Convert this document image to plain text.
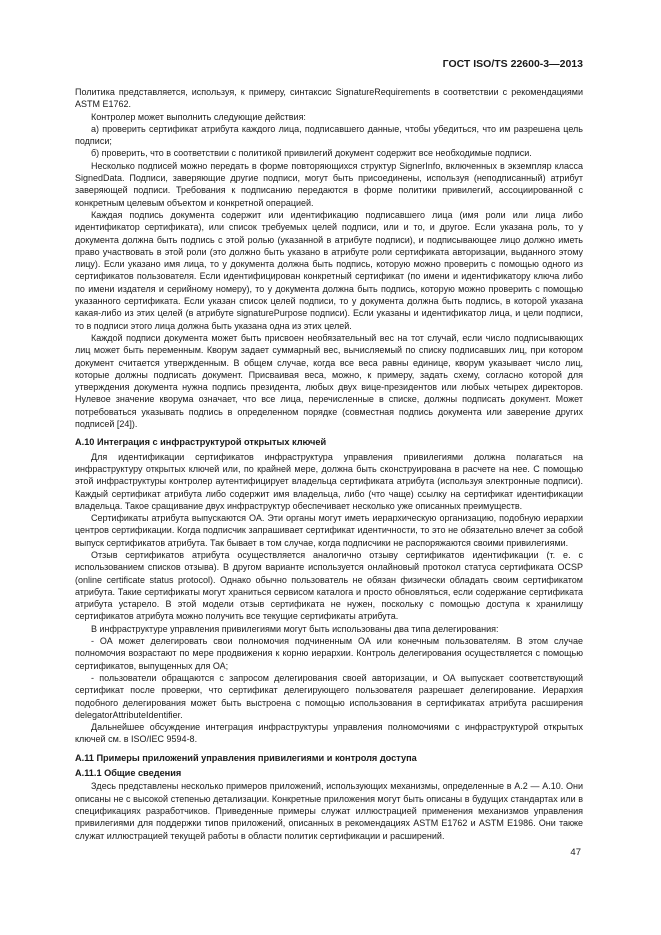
ГОСТ ISO/TS 22600-3—2013

Политика представляется, используя, к примеру, синтаксис SignatureRequirements в соответствии с рекомендациями ASTM E1762.

Контролер может выполнить следующие действия:

а) проверить сертификат атрибута каждого лица, подписавшего данные, чтобы убедиться, что им разрешена цель подписи;

б) проверить, что в соответствии с политикой привилегий документ содержит все необходимые подписи.

Несколько подписей можно передать в форме повторяющихся структур SignerInfo, включенных в экземпляр класса SignedData. Подписи, заверяющие другие подписи, могут быть присоединены, используя (неподписанный) атрибут заверяющей подписи. Требования к подписанию передаются в форме политики привилегий, ассоциированной с конкретным целевым объектом и конкретной операцией.

Каждая подпись документа содержит или идентификацию подписавшего лица (имя роли или лица либо идентификатор сертификата), или список требуемых целей подписи, или и то, и другое. Если указана роль, то у документа должна быть подпись с этой ролью (указанной в атрибуте подписи), и подписывающее лицо должно иметь право участвовать в этой роли (это должно быть указано в атрибуте роли сертификата авторизации, выданного этому лицу). Если указано имя лица, то у документа должна быть подпись, которую можно проверить с помощью одного из сертификатов пользователя. Если идентифицирован конкретный сертификат (по имени и идентификатору ключа либо по имени издателя и серийному номеру), то у документа должна быть подпись, которую можно проверить с помощью указанного сертификата. Если указан список целей подписи, то у документа должна быть подпись, в которой указана какая-либо из этих целей (в атрибуте signaturePurpose подписи). Если указаны и идентификатор лица, и цели подписи, то в подписи этого лица должна быть указана одна из этих целей.

Каждой подписи документа может быть присвоен необязательный вес на тот случай, если число подписывающих лиц может быть переменным. Кворум задает суммарный вес, вычисляемый по списку подписавших лиц, при котором документ считается утвержденным. В общем случае, когда все веса равны единице, кворум указывает число лиц, которые должны подписать документ. Присваивая веса, можно, к примеру, задать схему, согласно которой для утверждения документа нужна подпись президента, любых двух вице-президентов или любых четырех директоров. Нулевое значение кворума означает, что все лица, перечисленные в списке, должны подписать документ. Может потребоваться указывать подпись в определенном порядке (совместная подпись документа или заверение других подписей [24]).

А.10 Интеграция с инфраструктурой открытых ключей

Для идентификации сертификатов инфраструктура управления привилегиями должна полагаться на инфраструктуру открытых ключей или, по крайней мере, должна быть сконструирована в расчете на нее. С помощью этой инфраструктуры контролер аутентифицирует владельца сертификата атрибута (используя электронные подписи). Каждый сертификат атрибута либо содержит имя владельца, либо (что чаще) ссылку на сертификат идентификации владельца. Такое сращивание двух инфраструктур обеспечивает несколько уже описанных преимуществ.

Сертификаты атрибута выпускаются ОА. Эти органы могут иметь иерархическую организацию, подобную иерархии центров сертификации. Когда подписчик запрашивает сертификат идентичности, то это не обязательно влечет за собой выпуск сертификатов атрибута. Так бывает в том случае, когда подписчики не распоряжаются своими привилегиями.

Отзыв сертификатов атрибута осуществляется аналогично отзыву сертификатов идентификации (т. е. с использованием списков отзыва). В другом варианте используется онлайновый протокол статуса сертификата OCSP (online certificate status protocol). Однако обычно пользователь не обязан физически обладать своим сертификатом атрибута. Такие сертификаты могут храниться сервисом каталога и просто обновляться, если содержание сертификата атрибута устарело. В этой модели отзыв сертификата не нужен, поскольку с помощью доступа к хранилищу сертификатов атрибута можно получить все текущие сертификаты атрибута.

В инфраструктуре управления привилегиями могут быть использованы два типа делегирования:

- ОА может делегировать свои полномочия подчиненным ОА или конечным пользователям. В этом случае полномочия возрастают по мере продвижения к корню иерархии. Контроль делегирования осуществляется с помощью сертификатов, выпущенных для ОА;

- пользователи обращаются с запросом делегирования своей авторизации, и ОА выпускает соответствующий сертификат после проверки, что сертификат делегирующего пользователя разрешает делегирование. Иерархия подобного делегирования может быть выстроена с помощью использования в сертификатах атрибута расширения delegatorAttributeIdentifier.

Дальнейшее обсуждение интеграция инфраструктуры управления полномочиями с инфраструктурой открытых ключей см. в ISO/IEC 9594-8.

А.11 Примеры приложений управления привилегиями и контроля доступа

А.11.1 Общие сведения

Здесь представлены несколько примеров приложений, использующих механизмы, определенные в А.2 — А.10. Они описаны не с высокой степенью детализации. Конкретные приложения могут быть описаны в будущих стандартах или в спецификациях разработчиков. Приведенные примеры служат иллюстрацией применения механизмов управления привилегиями для поддержки типов приложений, описанных в рекомендациях ASTM E1762 и ASTM E1986. Они также служат иллюстрацией текущей работы в области политик сертификации и расширений.

47
